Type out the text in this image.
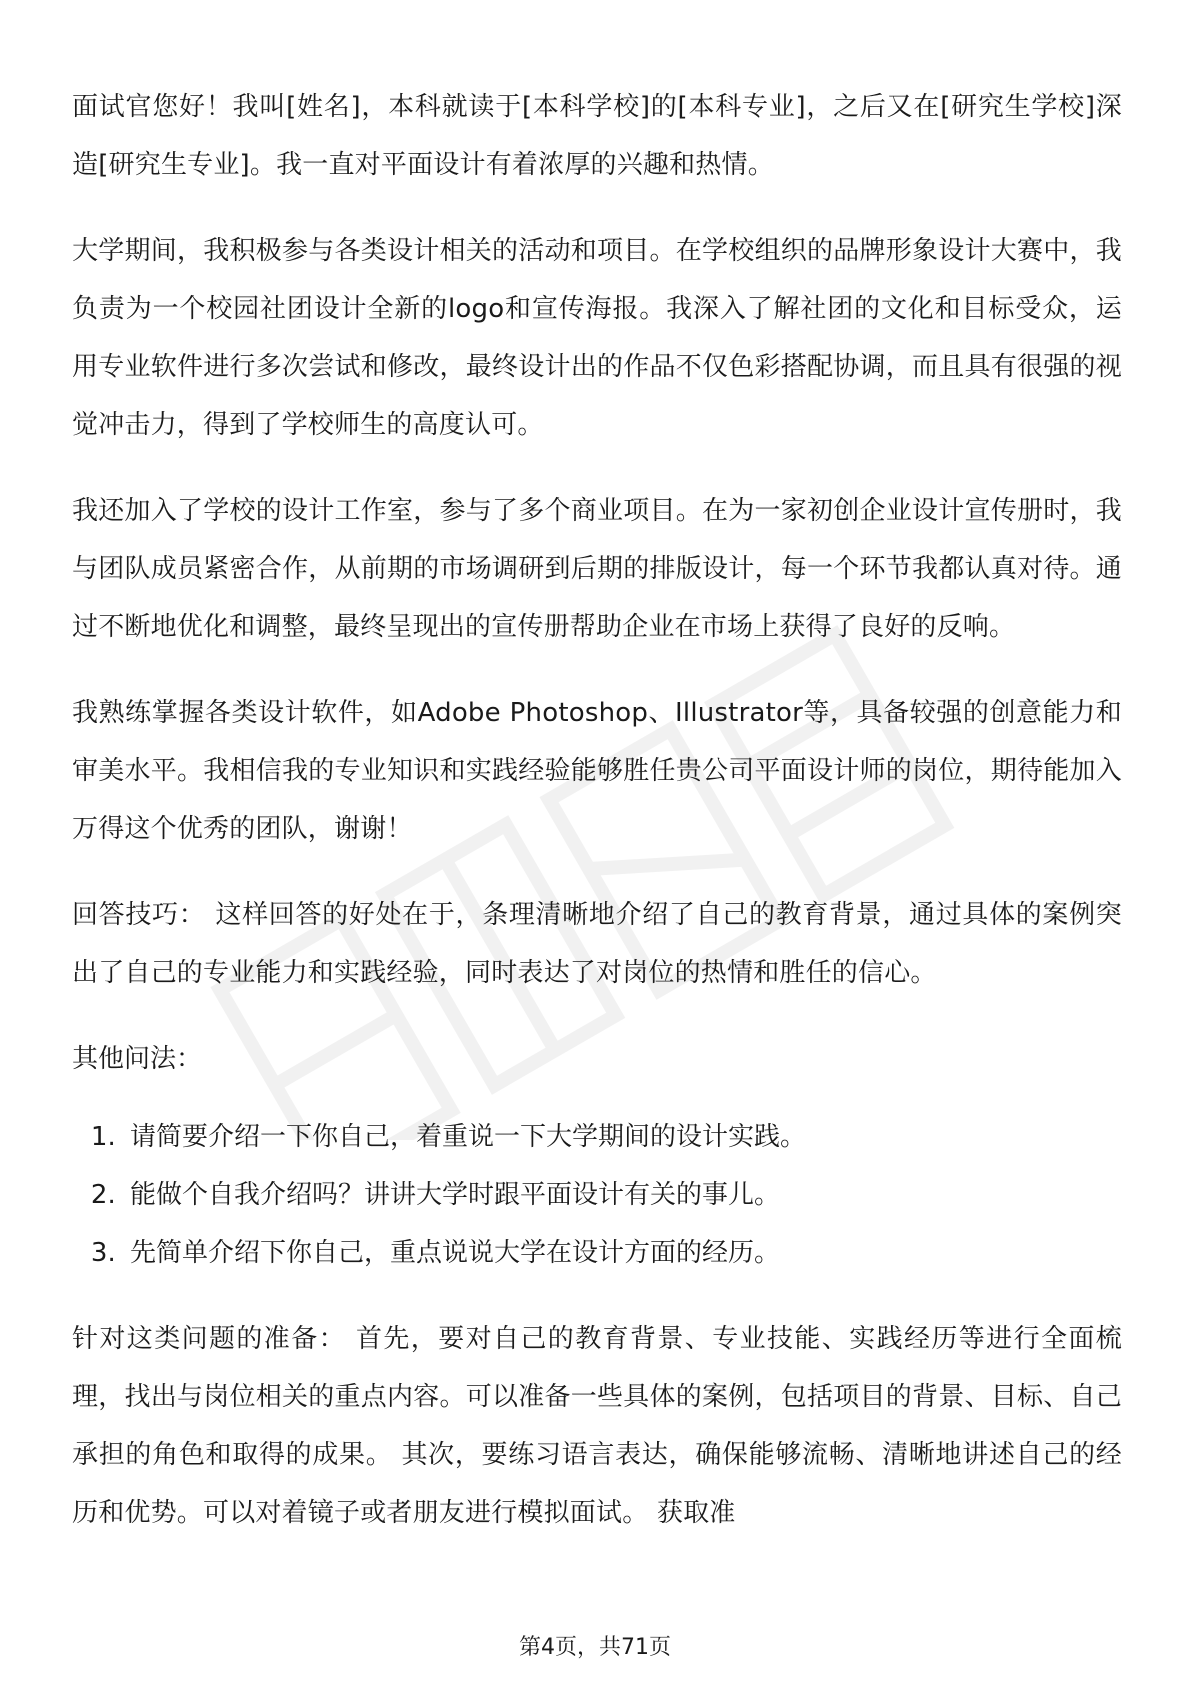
面试官您好！我叫[姓名]，本科就读于[本科学校]的[本科专业]，之后又在[研究生学校]深造[研究生专业]。我一直对平面设计有着浓厚的兴趣和热情。

大学期间，我积极参与各类设计相关的活动和项目。在学校组织的品牌形象设计大赛中，我负责为一个校园社团设计全新的logo和宣传海报。我深入了解社团的文化和目标受众，运用专业软件进行多次尝试和修改，最终设计出的作品不仅色彩搭配协调，而且具有很强的视觉冲击力，得到了学校师生的高度认可。

我还加入了学校的设计工作室，参与了多个商业项目。在为一家初创企业设计宣传册时，我与团队成员紧密合作，从前期的市场调研到后期的排版设计，每一个环节我都认真对待。通过不断地优化和调整，最终呈现出的宣传册帮助企业在市场上获得了良好的反响。

我熟练掌握各类设计软件，如Adobe Photoshop、Illustrator等，具备较强的创意能力和审美水平。我相信我的专业知识和实践经验能够胜任贵公司平面设计师的岗位，期待能加入万得这个优秀的团队，谢谢！

回答技巧： 这样回答的好处在于，条理清晰地介绍了自己的教育背景，通过具体的案例突出了自己的专业能力和实践经验，同时表达了对岗位的热情和胜任的信心。

其他问法：

1. 请简要介绍一下你自己，着重说一下大学期间的设计实践。
2. 能做个自我介绍吗？讲讲大学时跟平面设计有关的事儿。
3. 先简单介绍下你自己，重点说说大学在设计方面的经历。

针对这类问题的准备： 首先，要对自己的教育背景、专业技能、实践经历等进行全面梳理，找出与岗位相关的重点内容。可以准备一些具体的案例，包括项目的背景、目标、自己承担的角色和取得的成果。 其次，要练习语言表达，确保能够流畅、清晰地讲述自己的经历和优势。可以对着镜子或者朋友进行模拟面试。 获取准

第4页，共71页
